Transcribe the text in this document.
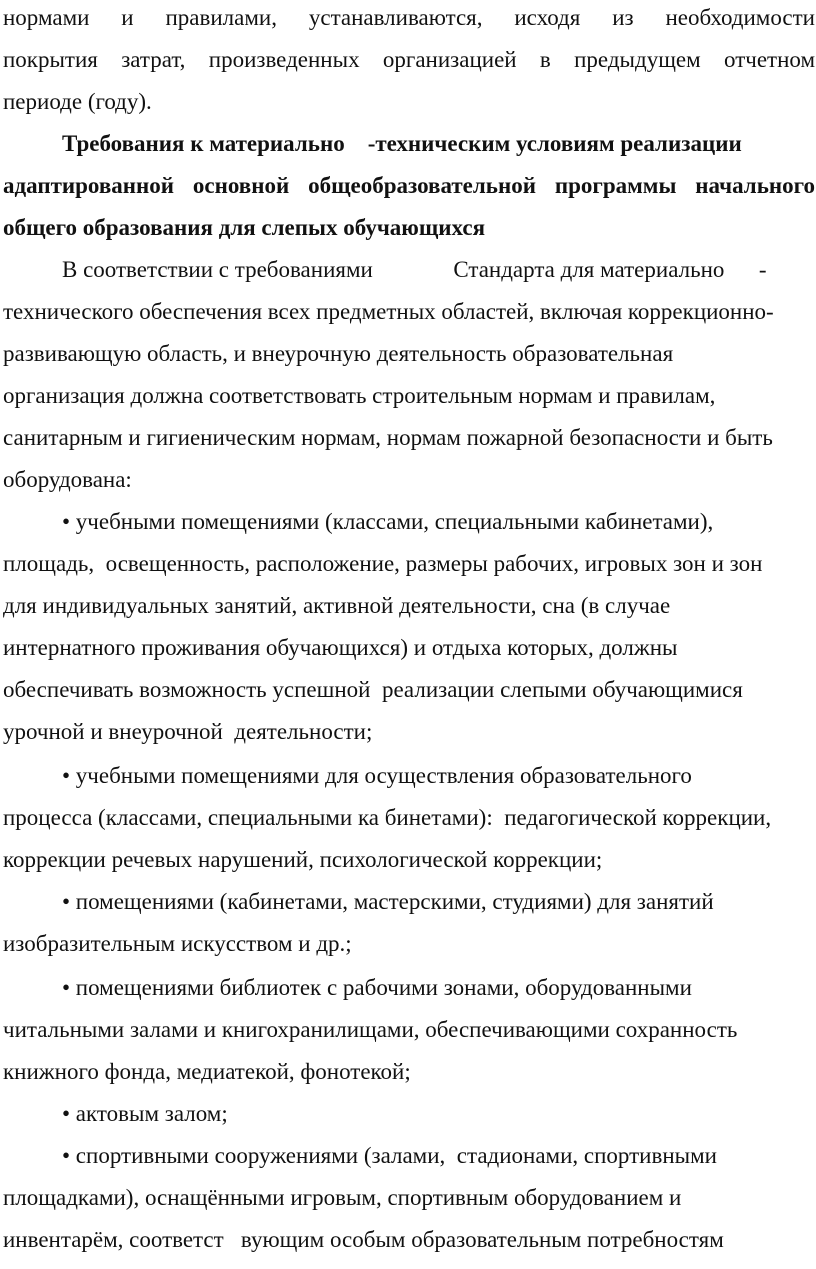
нормами и правилами, устанавливаются, исходя из необходимости
покрытия затрат, произведенных организацией в предыдущем отчетном
периоде (году).
Требования к материально    -техническим условиям реализации
адаптированной основной общеобразовательной программы начального
общего образования для слепых обучающихся
В соответствии с требованиями              Стандарта для материально      -
технического обеспечения всех предметных областей, включая коррекционно-
развивающую область, и внеурочную деятельность образовательная
организация должна соответствовать строительным нормам и правилам,
санитарным и гигиеническим нормам, нормам пожарной безопасности и быть
оборудована:
• учебными помещениями (классами, специальными кабинетами),
площадь,  освещенность, расположение, размеры рабочих, игровых зон и зон
для индивидуальных занятий, активной деятельности, сна (в случае
интернатного проживания обучающихся) и отдыха которых, должны
обеспечивать возможность успешной  реализации слепыми обучающимися
урочной и внеурочной  деятельности;
• учебными помещениями для осуществления образовательного
процесса (классами, специальными ка бинетами):  педагогической коррекции,
коррекции речевых нарушений, психологической коррекции;
• помещениями (кабинетами, мастерскими, студиями) для занятий
изобразительным искусством и др.;
• помещениями библиотек с рабочими зонами, оборудованными
читальными залами и книгохранилищами, обеспечивающими сохранность
книжного фонда, медиатекой, фонотекой;
• актовым залом;
• спортивными сооружениями (залами,  стадионами, спортивными
площадками), оснащёнными игровым, спортивным оборудованием и
инвентарём, соответст   вующим особым образовательным потребностям
